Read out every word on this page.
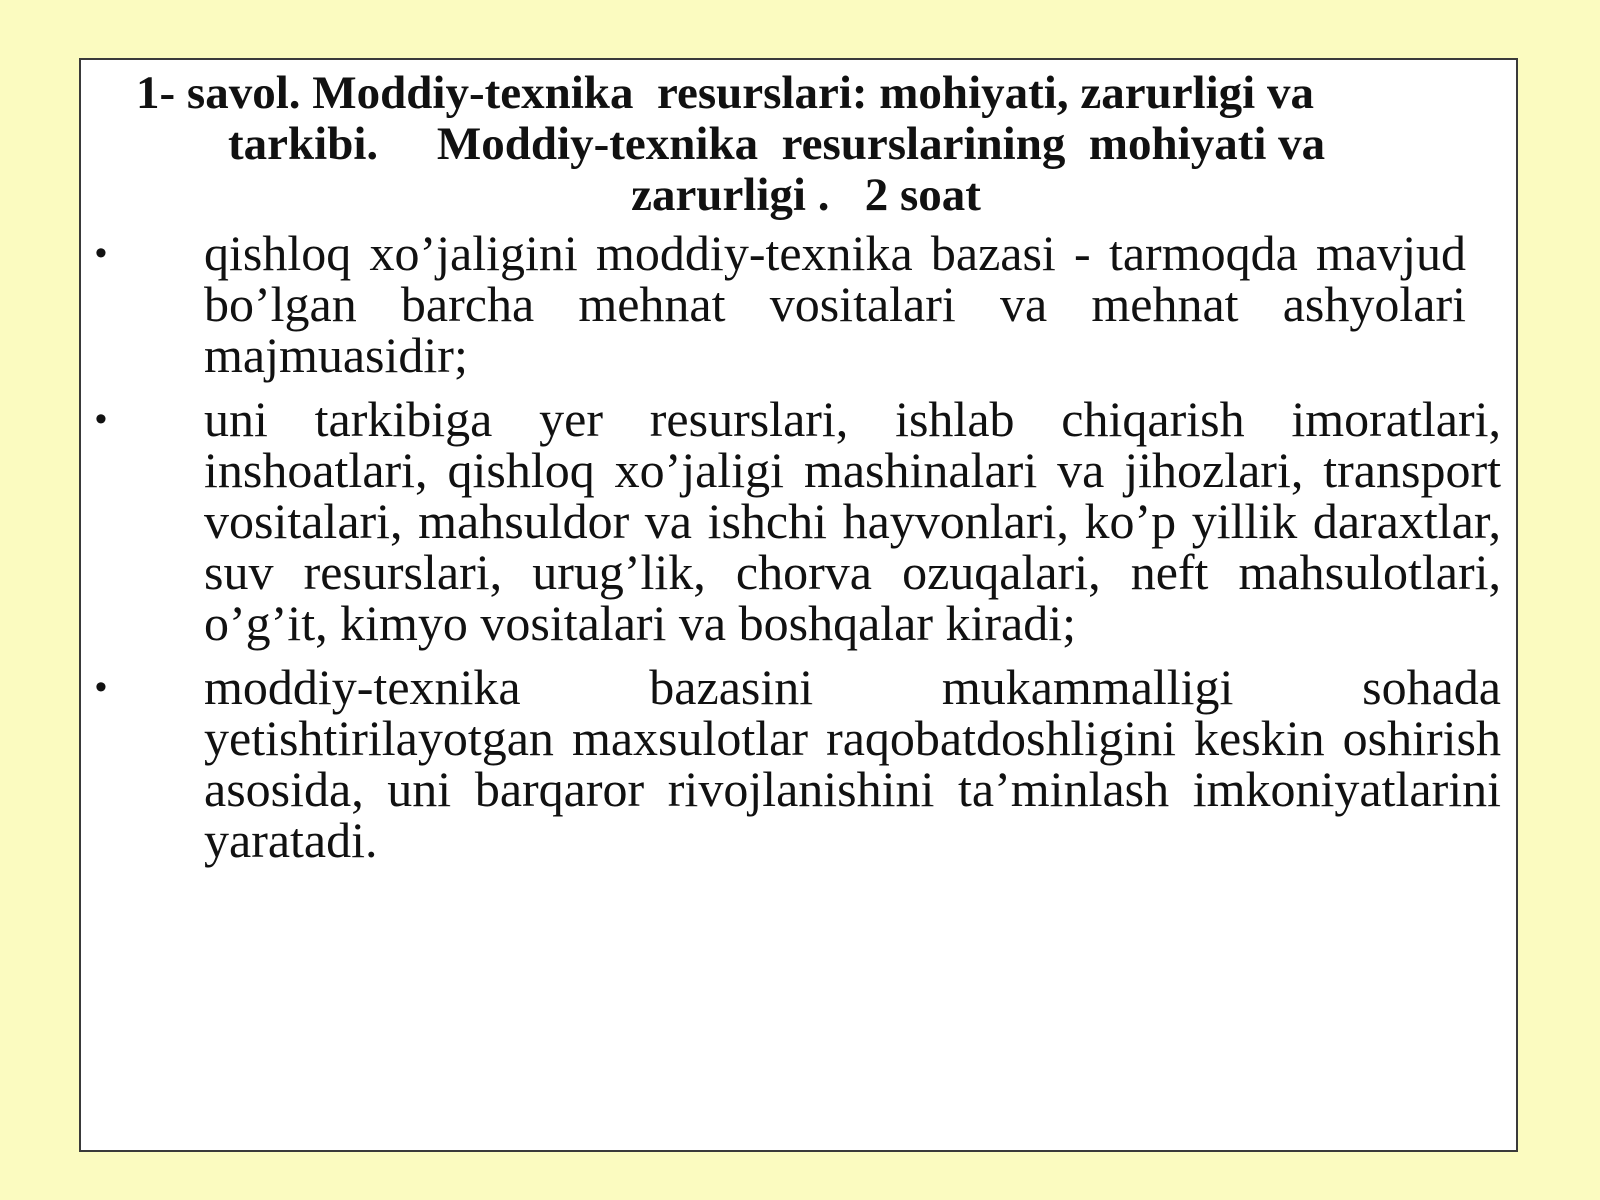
1- savol. Moddiy-texnika  resurslari: mohiyati, zarurligi va
tarkibi.     Moddiy-texnika  resurslarining  mohiyati va
zarurligi .   2 soat
• qishloq xo’jaligini moddiy-texnika bazasi - tarmoqda mavjud bo’lgan barcha mehnat vositalari va mehnat ashyolari majmuasidir;
• uni tarkibiga yer resurslari, ishlab chiqarish imoratlari, inshoatlari, qishloq xo’jaligi mashinalari va jihozlari, transport vositalari, mahsuldor va ishchi hayvonlari, ko’p yillik daraxtlar, suv resurslari, urug’lik, chorva ozuqalari, neft mahsulotlari, o’g’it, kimyo vositalari va boshqalar kiradi;
• moddiy-texnika bazasini mukammalligi sohada yetishtirilayotgan maxsulotlar raqobatdoshligini keskin oshirish asosida, uni barqaror rivojlanishini ta’minlash imkoniyatlarini yaratadi.
